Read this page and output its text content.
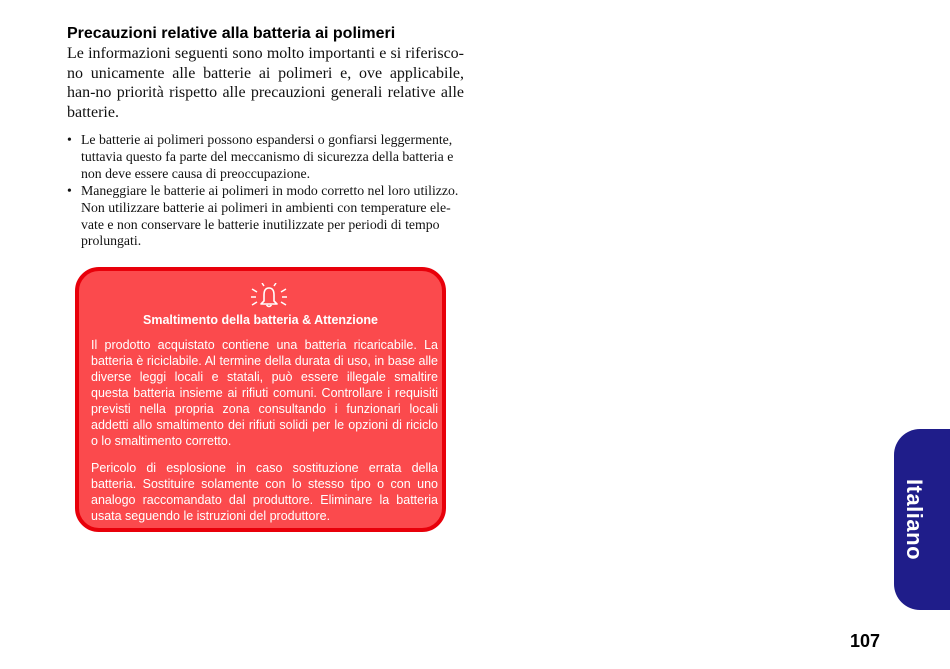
Precauzioni relative alla batteria ai polimeri

Le informazioni seguenti sono molto importanti e si riferisco-no unicamente alle batterie ai polimeri e, ove applicabile, han-no priorità rispetto alle precauzioni generali relative alle batterie.

• Le batterie ai polimeri possono espandersi o gonfiarsi leggermente, tuttavia questo fa parte del meccanismo di sicurezza della batteria e non deve essere causa di preoccupazione.
• Maneggiare le batterie ai polimeri in modo corretto nel loro utilizzo. Non utilizzare batterie ai polimeri in ambienti con temperature ele-vate e non conservare le batterie inutilizzate per periodi di tempo prolungati.
Smaltimento della batteria & Attenzione

Il prodotto acquistato contiene una batteria ricaricabile. La batteria è riciclabile. Al termine della durata di uso, in base alle diverse leggi locali e statali, può essere illegale smaltire questa batteria insieme ai rifiuti comuni. Controllare i requisiti previsti nella propria zona consultando i funzionari locali addetti allo smaltimento dei rifiuti solidi per le opzioni di riciclo o lo smaltimento corretto.

Pericolo di esplosione in caso sostituzione errata della batteria. Sostituire solamente con lo stesso tipo o con uno analogo raccomandato dal produttore. Eliminare la batteria usata seguendo le istruzioni del produttore.	Italiano
107
